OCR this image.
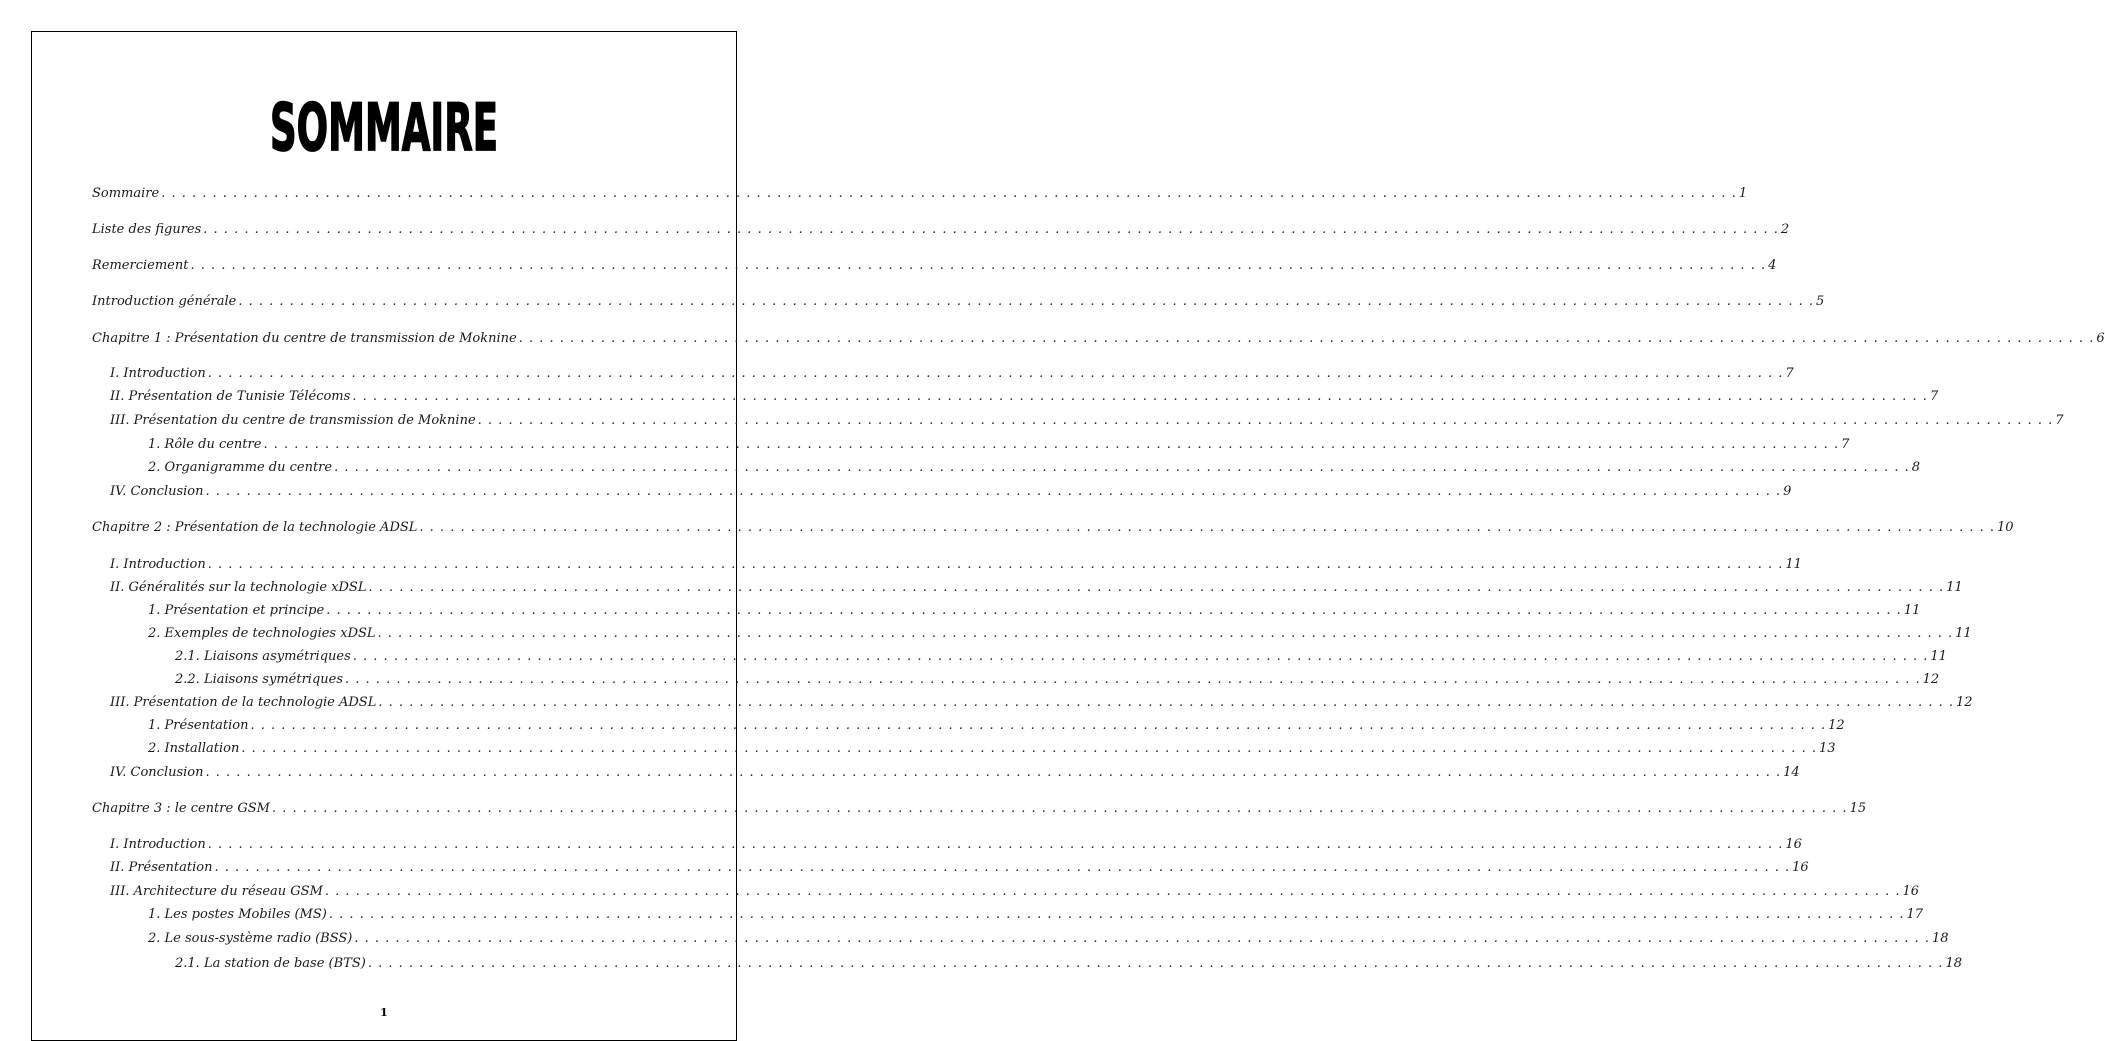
SOMMAIRE
Sommaire . . .	1
Liste des figures . . .	2
Remerciement . . .	4
Introduction générale . . .	5
Chapitre 1 : Présentation du centre de transmission de Moknine . . .	6
I. Introduction . . .	7
II. Présentation de Tunisie Télécoms . . .	7
III. Présentation du centre de transmission de Moknine . . .	7
1. Rôle du centre . . .	7
2. Organigramme du centre . . .	8
IV. Conclusion . . .	9
Chapitre 2 : Présentation de la technologie ADSL . . .	10
I. Introduction . . .	11
II. Généralités sur la technologie xDSL . . .	11
1. Présentation et principe . . .	11
2. Exemples de technologies xDSL . . .	11
2.1. Liaisons asymétriques . . .	11
2.2. Liaisons symétriques . . .	12
III. Présentation de la technologie ADSL . . .	12
1. Présentation . . .	12
2. Installation . . .	13
IV. Conclusion . . .	14
Chapitre 3 : le centre GSM . . .	15
I. Introduction . . .	16
II. Présentation . . .	16
III. Architecture du réseau GSM . . .	16
1. Les postes Mobiles (MS) . . .	17
2. Le sous-système radio (BSS) . . .	18
2.1. La station de base (BTS) . . .	18
1
